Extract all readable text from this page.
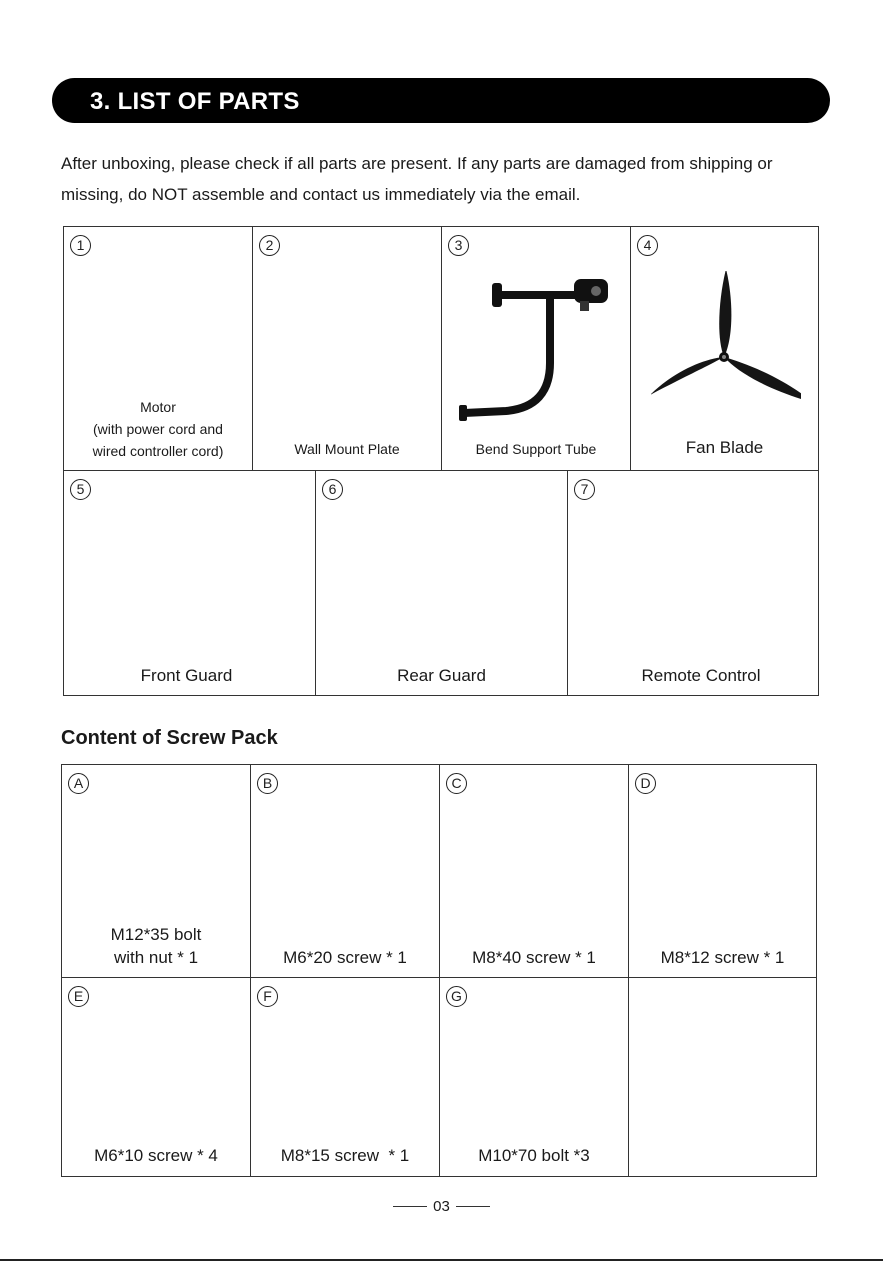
3. LIST OF PARTS
After unboxing, please check if all parts are present. If any parts are damaged from shipping or missing, do NOT assemble and contact us immediately via the email.
1
Motor
(with power cord and
wired controller cord)
2
Wall Mount Plate
3
Bend Support Tube
4
Fan Blade
5
Front Guard
6
Rear Guard
7
Remote Control
Content of Screw Pack
A
M12*35 bolt
with nut * 1
B
M6*20 screw * 1
C
M8*40 screw * 1
D
M8*12 screw * 1
E
M6*10 screw * 4
F
M8*15 screw  * 1
G
M10*70 bolt *3
03
